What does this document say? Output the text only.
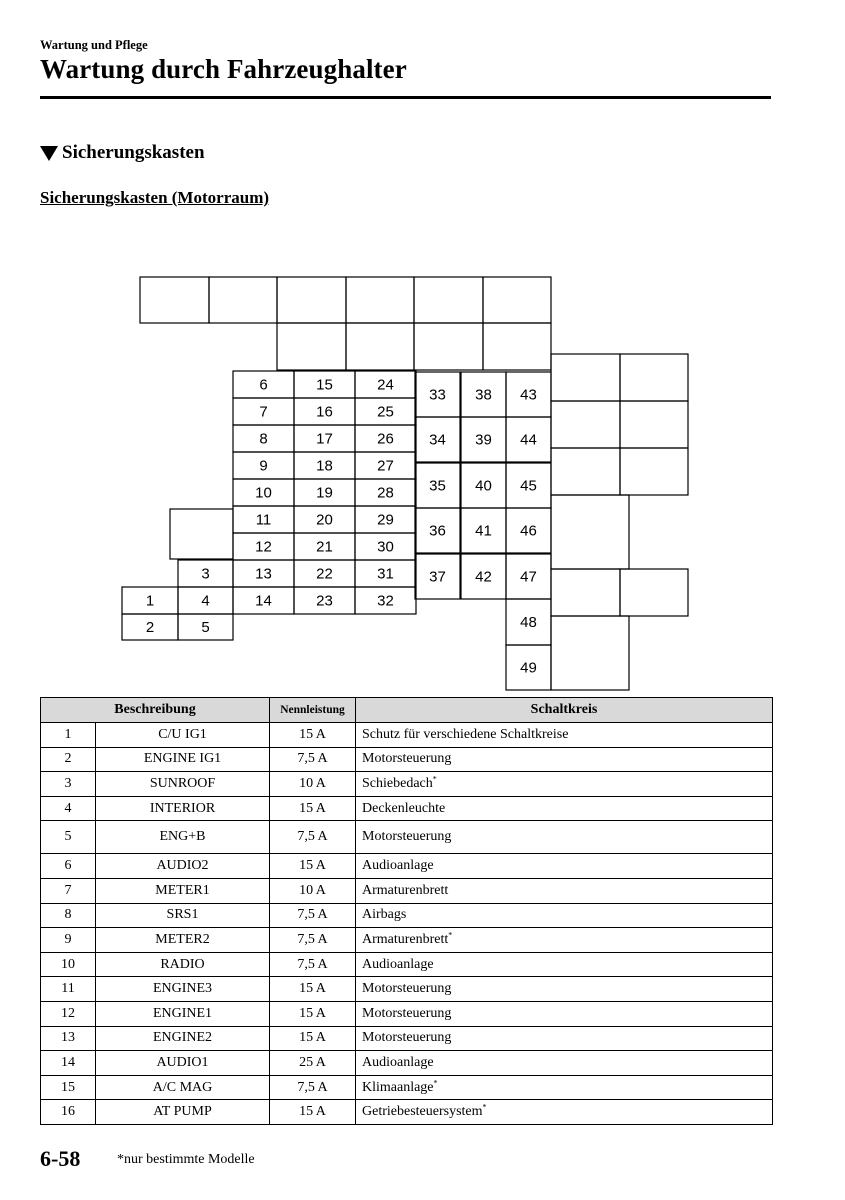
Wartung und Pflege
Wartung durch Fahrzeughalter
Sicherungskasten
Sicherungskasten (Motorraum)
6	15	24
7	16	25
8	17	26
9	18	27
10	19	28
11	20	29
12	21	30
13	22	31
14	23	32
3
1	4
2	5
33 38 43
34 39 44
35 40 45
36 41 46
37 42 47
48
49
Beschreibung		Nennleistung	Schaltkreis
1	C/U IG1	15 A	Schutz für verschiedene Schaltkreise
2	ENGINE IG1	7,5 A	Motorsteuerung
3	SUNROOF	10 A	Schiebedach*
4	INTERIOR	15 A	Deckenleuchte
5	ENG+B	7,5 A	Motorsteuerung
6	AUDIO2	15 A	Audioanlage
7	METER1	10 A	Armaturenbrett
8	SRS1	7,5 A	Airbags
9	METER2	7,5 A	Armaturenbrett*
10	RADIO	7,5 A	Audioanlage
11	ENGINE3	15 A	Motorsteuerung
12	ENGINE1	15 A	Motorsteuerung
13	ENGINE2	15 A	Motorsteuerung
14	AUDIO1	25 A	Audioanlage
15	A/C MAG	7,5 A	Klimaanlage*
16	AT PUMP	15 A	Getriebesteuersystem*
6-58	*nur bestimmte Modelle
